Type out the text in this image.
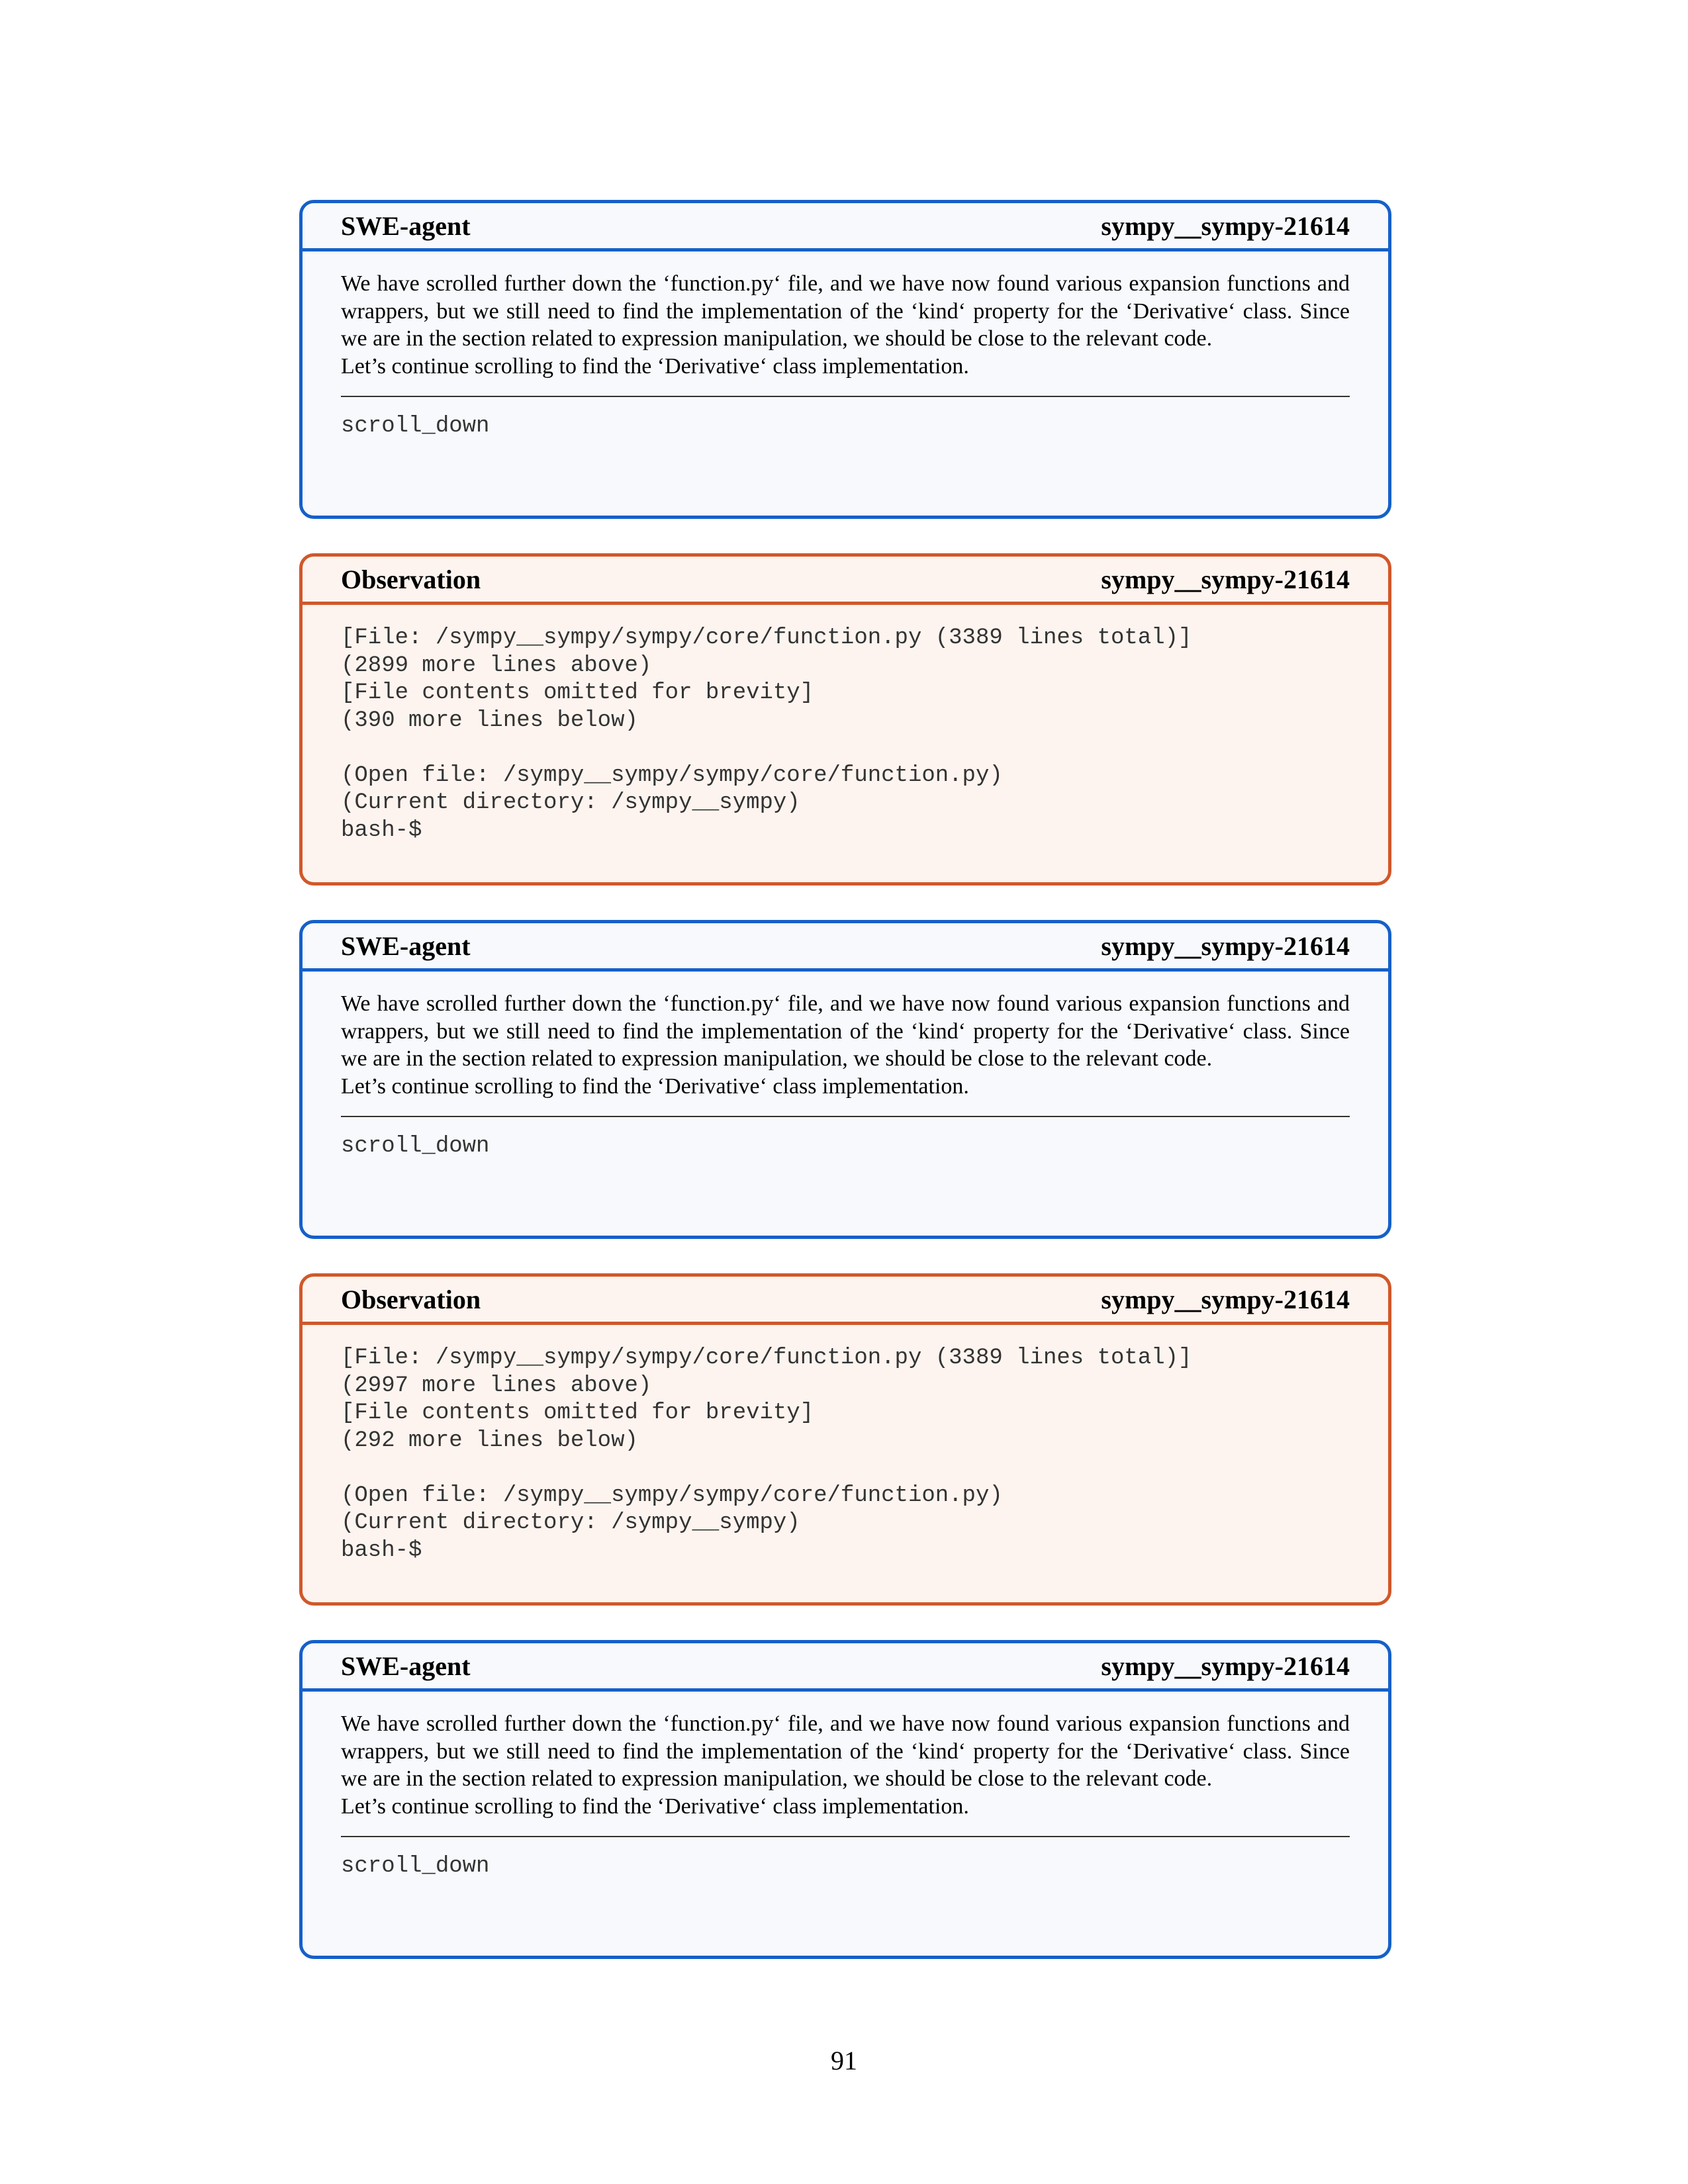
SWE-agent	sympy__sympy-21614

We have scrolled further down the ‘function.py‘ file, and we have now found various expansion functions and wrappers, but we still need to find the implementation of the ‘kind‘ property for the ‘Derivative‘ class. Since we are in the section related to expression manipulation, we should be close to the relevant code.

Let’s continue scrolling to find the ‘Derivative‘ class implementation.

scroll_down
Observation	sympy__sympy-21614
[File: /sympy__sympy/sympy/core/function.py (3389 lines total)]
(2899 more lines above)
[File contents omitted for brevity]
(390 more lines below)
(Open file: /sympy__sympy/sympy/core/function.py)
(Current directory: /sympy__sympy)
bash-$
SWE-agent	sympy__sympy-21614

We have scrolled further down the ‘function.py‘ file, and we have now found various expansion functions and wrappers, but we still need to find the implementation of the ‘kind‘ property for the ‘Derivative‘ class. Since we are in the section related to expression manipulation, we should be close to the relevant code.

Let’s continue scrolling to find the ‘Derivative‘ class implementation.

scroll_down
Observation	sympy__sympy-21614
[File: /sympy__sympy/sympy/core/function.py (3389 lines total)]
(2997 more lines above)
[File contents omitted for brevity]
(292 more lines below)
(Open file: /sympy__sympy/sympy/core/function.py)
(Current directory: /sympy__sympy)
bash-$
SWE-agent	sympy__sympy-21614

We have scrolled further down the ‘function.py‘ file, and we have now found various expansion functions and wrappers, but we still need to find the implementation of the ‘kind‘ property for the ‘Derivative‘ class. Since we are in the section related to expression manipulation, we should be close to the relevant code.

Let’s continue scrolling to find the ‘Derivative‘ class implementation.

scroll_down
91
